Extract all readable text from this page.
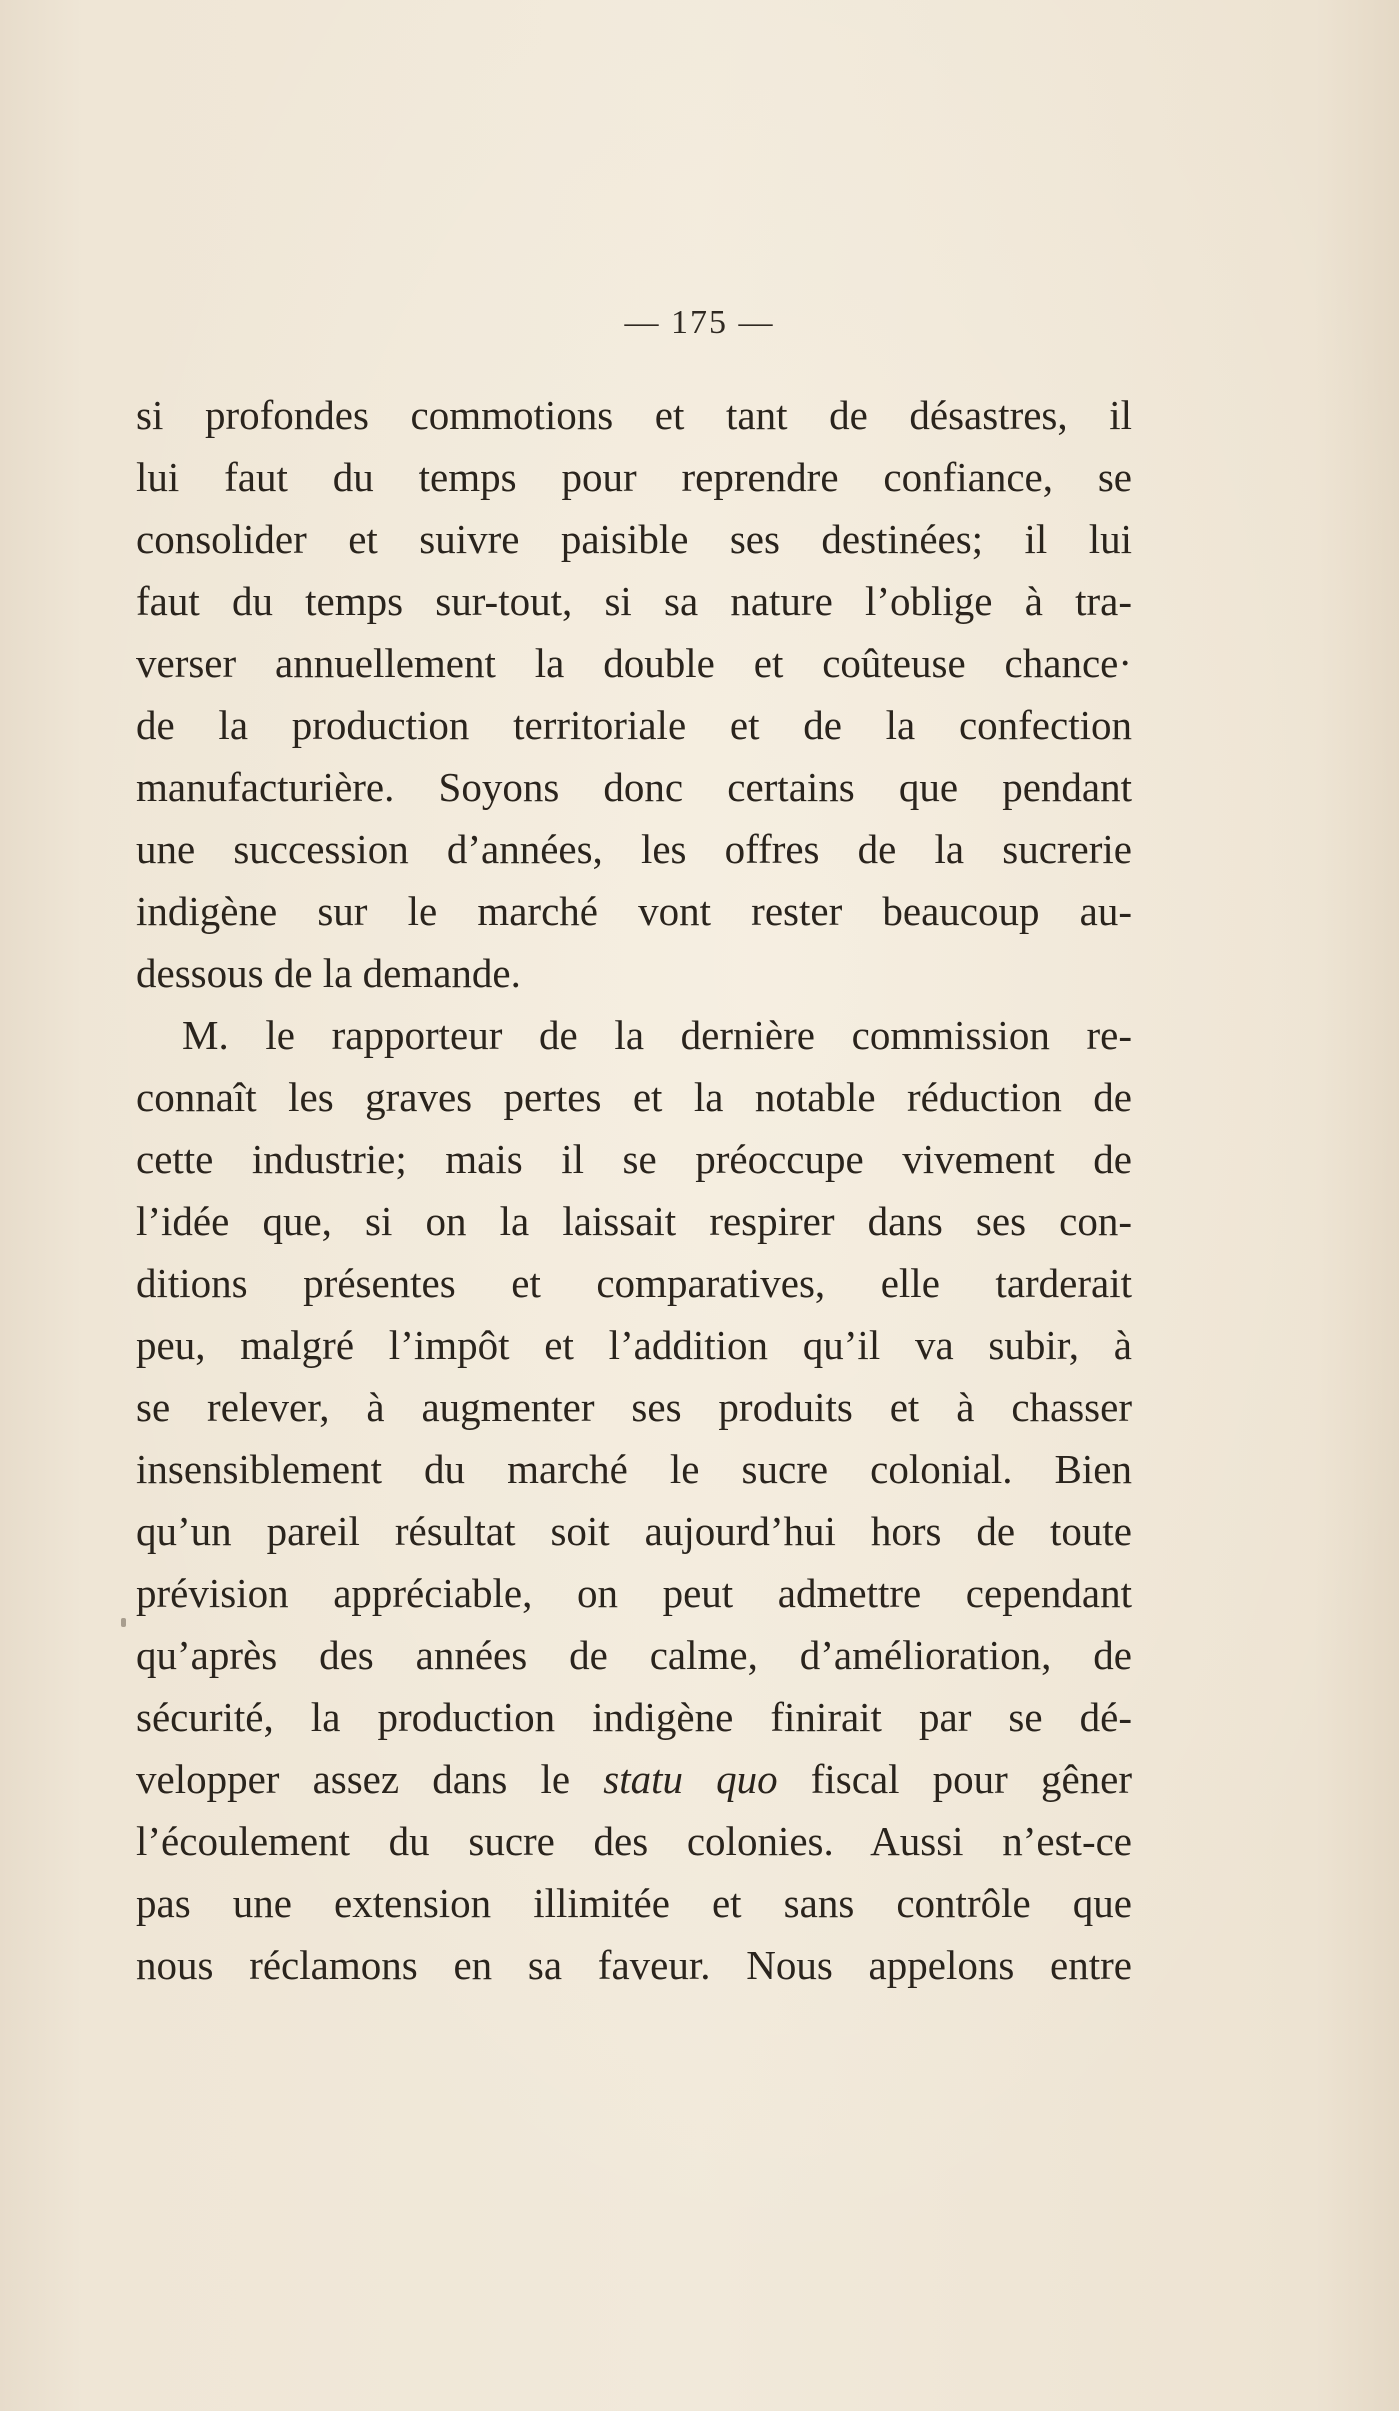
— 175 —
si profondes commotions et tant de désastres, il
lui faut du temps pour reprendre confiance, se
consolider et suivre paisible ses destinées; il lui
faut du temps sur-tout, si sa nature l’oblige à tra-
verser annuellement la double et coûteuse chance·
de la production territoriale et de la confection
manufacturière. Soyons donc certains que pendant
une succession d’années, les offres de la sucrerie
indigène sur le marché vont rester beaucoup au-
dessous de la demande.
M. le rapporteur de la dernière commission re-
connaît les graves pertes et la notable réduction de
cette industrie; mais il se préoccupe vivement de
l’idée que, si on la laissait respirer dans ses con-
ditions présentes et comparatives, elle tarderait
peu, malgré l’impôt et l’addition qu’il va subir, à
se relever, à augmenter ses produits et à chasser
insensiblement du marché le sucre colonial. Bien
qu’un pareil résultat soit aujourd’hui hors de toute
prévision appréciable, on peut admettre cependant
qu’après des années de calme, d’amélioration, de
sécurité, la production indigène finirait par se dé-
velopper assez dans le statu quo fiscal pour gêner
l’écoulement du sucre des colonies. Aussi n’est-ce
pas une extension illimitée et sans contrôle que
nous réclamons en sa faveur. Nous appelons entre
